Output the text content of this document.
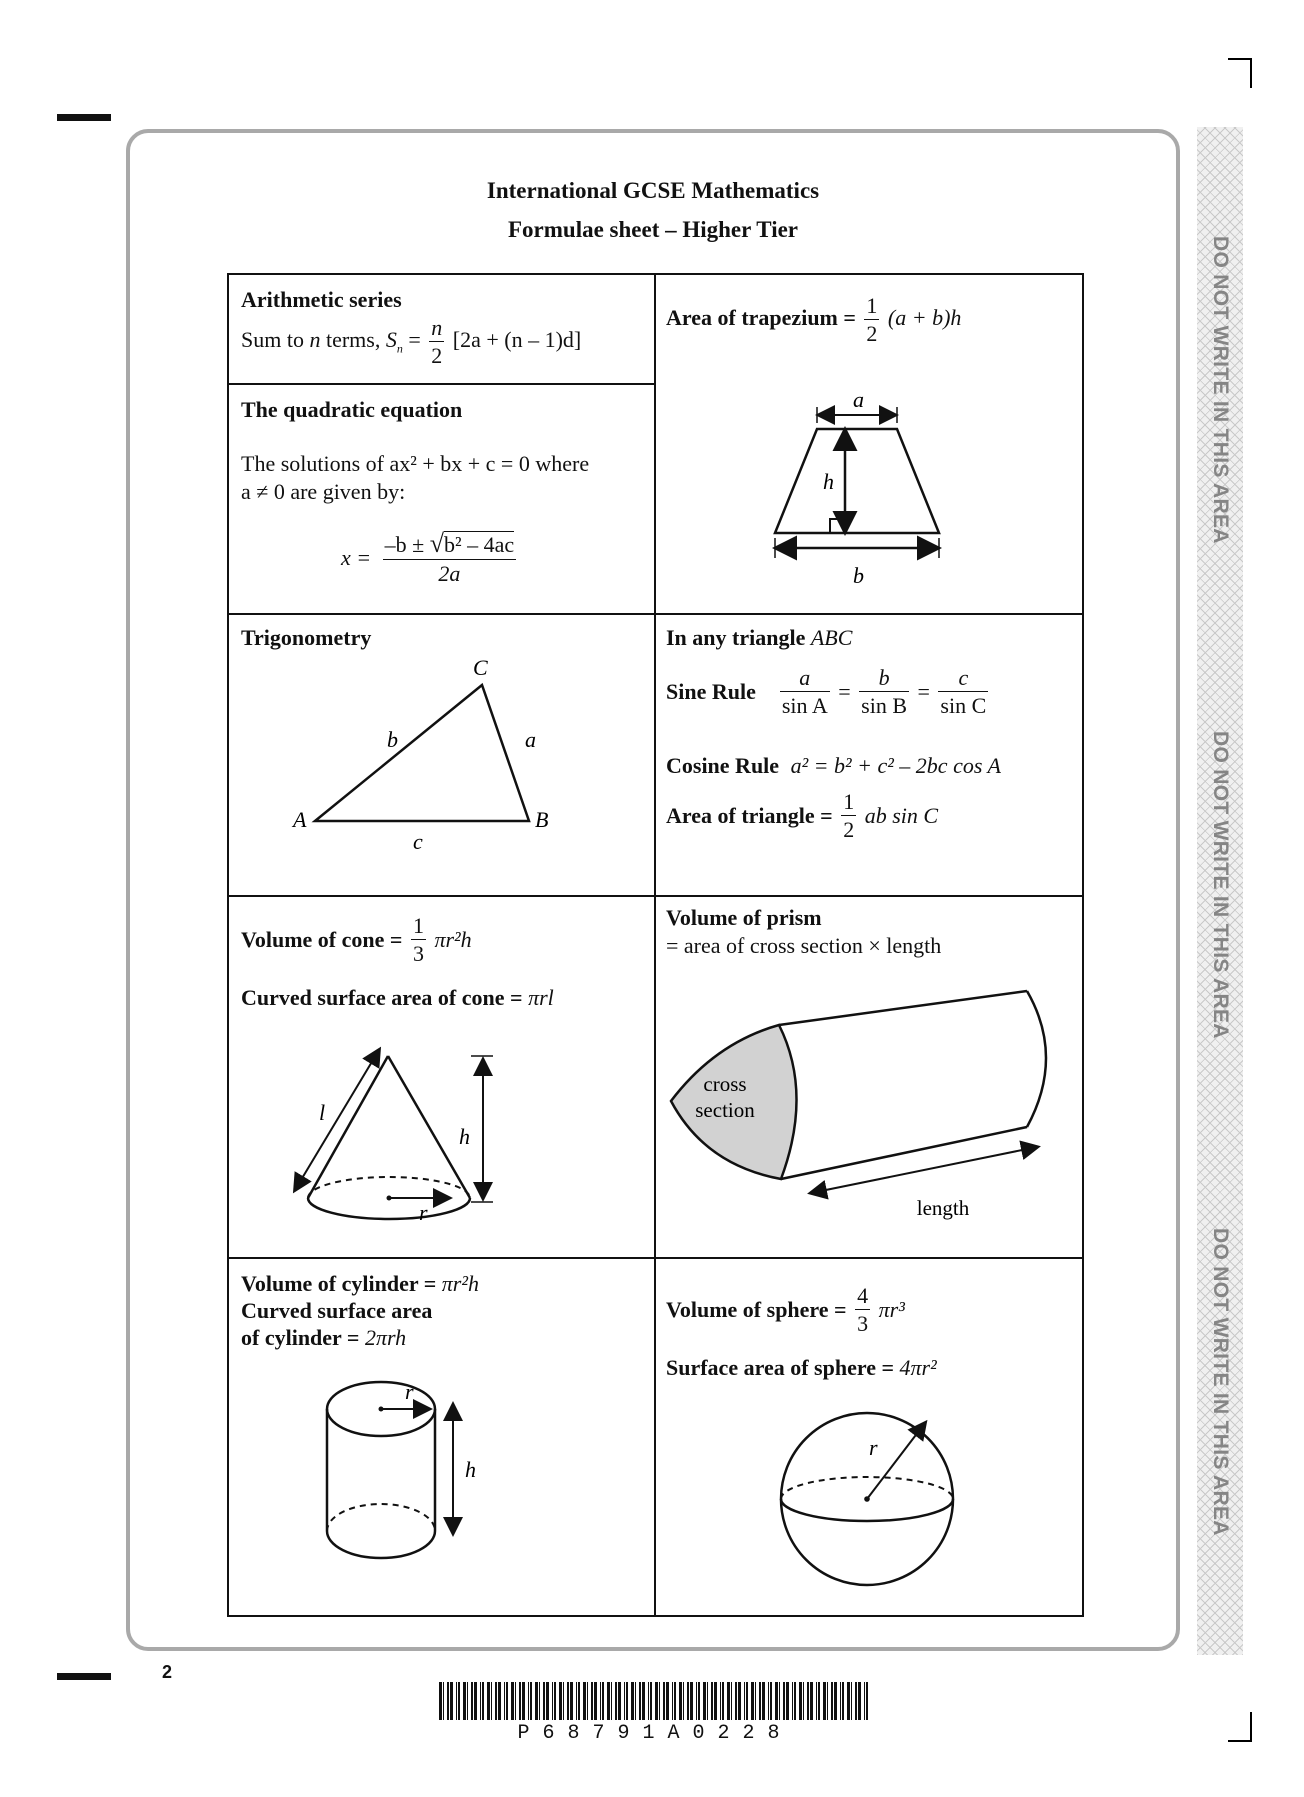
DO NOT WRITE IN THIS AREA
DO NOT WRITE IN THIS AREA
DO NOT WRITE IN THIS AREA
International GCSE Mathematics
Formulae sheet – Higher Tier
Arithmetic series
Sum to n terms, $S_n = \frac{n}{2} [2a + (n - 1)d]$
The quadratic equation
The solutions of ax² + bx + c = 0 where
a ≠ 0 are given by:
$x = \frac{\text{–b ± √b² – 4ac}}{2a}$
Area of trapezium = $\frac{1}{2} (a + b)h$
a
h
b
Trigonometry
C
b	a
A	B
c
In any triangle ABC
Sine Rule $\frac{a}{\text{sin A}} = \frac{b}{\text{sin B}} = \frac{c}{\text{sin C}}$
Cosine Rule a² = b² + c² – 2bc cos A
Area of triangle = $\frac{1}{2}$ ab sin C
Volume of cone = $\frac{1}{3} \pi r^2h$
Curved surface area of cone = πrl
l
h
r
Volume of prism
= area of cross section × length
cross
section
length
Volume of cylinder = πr²h
Curved surface area
of cylinder = 2πrh
r
h
Volume of sphere = $\frac{4}{3} \pi r^3$
Surface area of sphere = 4πr²
r
2
P68791A0228
